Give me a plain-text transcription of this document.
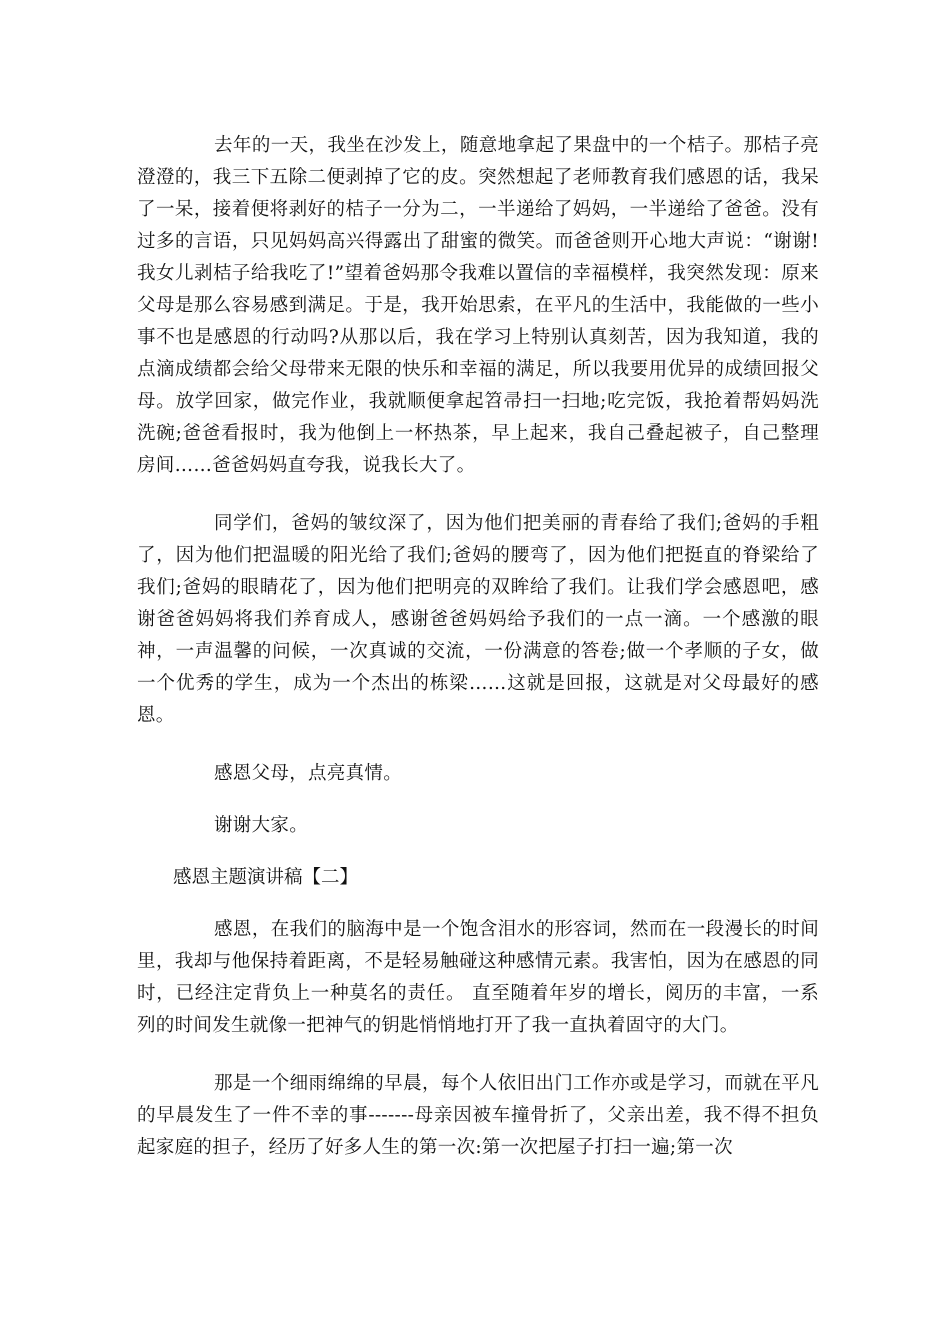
去年的一天，我坐在沙发上，随意地拿起了果盘中的一个桔子。那桔子亮澄澄的，我三下五除二便剥掉了它的皮。突然想起了老师教育我们感恩的话，我呆了一呆，接着便将剥好的桔子一分为二，一半递给了妈妈，一半递给了爸爸。没有过多的言语，只见妈妈高兴得露出了甜蜜的微笑。而爸爸则开心地大声说：“谢谢!我女儿剥桔子给我吃了!”望着爸妈那令我难以置信的幸福模样，我突然发现：原来父母是那么容易感到满足。于是，我开始思索，在平凡的生活中，我能做的一些小事不也是感恩的行动吗?从那以后，我在学习上特别认真刻苦，因为我知道，我的点滴成绩都会给父母带来无限的快乐和幸福的满足，所以我要用优异的成绩回报父母。放学回家，做完作业，我就顺便拿起笤帚扫一扫地;吃完饭，我抢着帮妈妈洗洗碗;爸爸看报时，我为他倒上一杯热茶，早上起来，我自己叠起被子，自己整理房间……爸爸妈妈直夸我，说我长大了。

同学们，爸妈的皱纹深了，因为他们把美丽的青春给了我们;爸妈的手粗了，因为他们把温暖的阳光给了我们;爸妈的腰弯了，因为他们把挺直的脊梁给了我们;爸妈的眼睛花了，因为他们把明亮的双眸给了我们。让我们学会感恩吧，感谢爸爸妈妈将我们养育成人，感谢爸爸妈妈给予我们的一点一滴。一个感激的眼神，一声温馨的问候，一次真诚的交流，一份满意的答卷;做一个孝顺的子女，做一个优秀的学生，成为一个杰出的栋梁……这就是回报，这就是对父母最好的感恩。

感恩父母，点亮真情。

谢谢大家。

感恩主题演讲稿【二】

感恩，在我们的脑海中是一个饱含泪水的形容词，然而在一段漫长的时间里，我却与他保持着距离，不是轻易触碰这种感情元素。我害怕，因为在感恩的同时，已经注定背负上一种莫名的责任。 直至随着年岁的增长，阅历的丰富，一系列的时间发生就像一把神气的钥匙悄悄地打开了我一直执着固守的大门。

那是一个细雨绵绵的早晨，每个人依旧出门工作亦或是学习，而就在平凡的早晨发生了一件不幸的事-------母亲因被车撞骨折了，父亲出差，我不得不担负起家庭的担子，经历了好多人生的第一次:第一次把屋子打扫一遍;第一次
